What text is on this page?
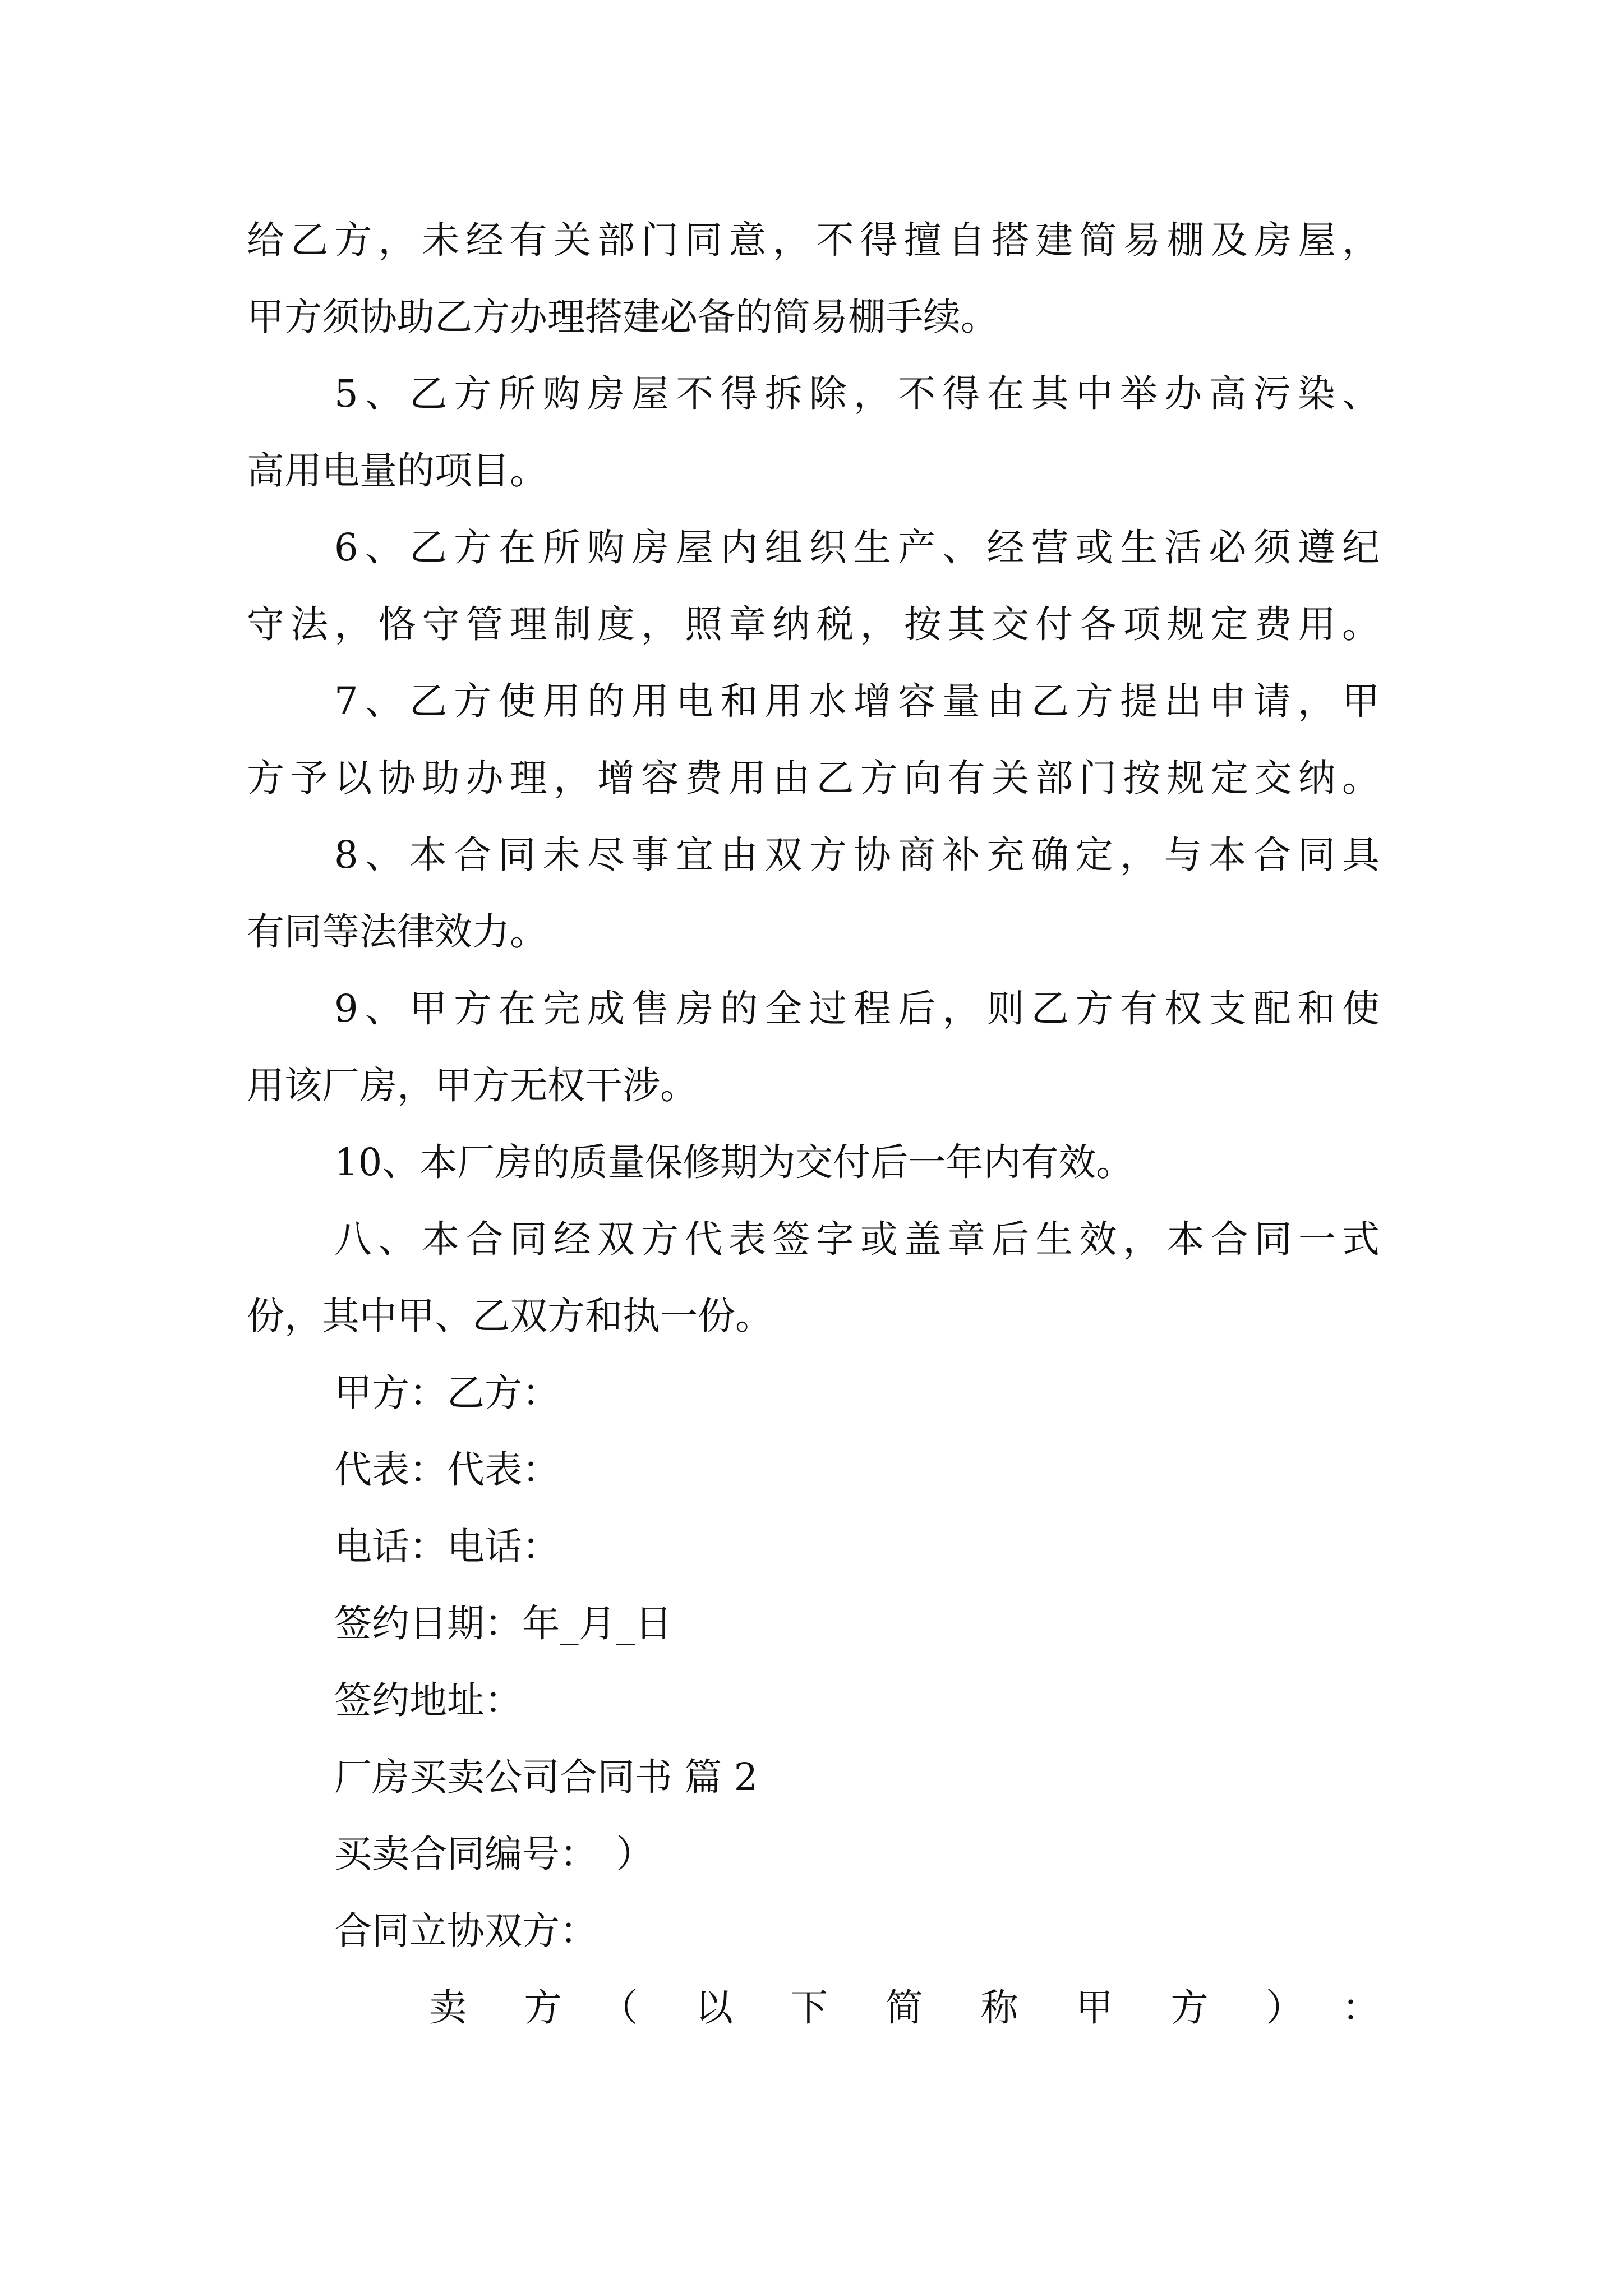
给乙方，未经有关部门同意，不得擅自搭建简易棚及房屋，
甲方须协助乙方办理搭建必备的简易棚手续。
5、乙方所购房屋不得拆除，不得在其中举办高污染、
高用电量的项目。
6、乙方在所购房屋内组织生产、经营或生活必须遵纪
守法，恪守管理制度，照章纳税，按其交付各项规定费用。
7、乙方使用的用电和用水增容量由乙方提出申请，甲
方予以协助办理，增容费用由乙方向有关部门按规定交纳。
8、本合同未尽事宜由双方协商补充确定，与本合同具
有同等法律效力。
9、甲方在完成售房的全过程后，则乙方有权支配和使
用该厂房，甲方无权干涉。
10、本厂房的质量保修期为交付后一年内有效。
八、本合同经双方代表签字或盖章后生效，本合同一式
份，其中甲、乙双方和执一份。
甲方：乙方：
代表：代表：
电话：电话：
签约日期：年_月_日
签约地址：
厂房买卖公司合同书 篇 2
买卖合同编号：　）
合同立协双方：
卖　方　（　以　下　简　称　甲　方　）　：
